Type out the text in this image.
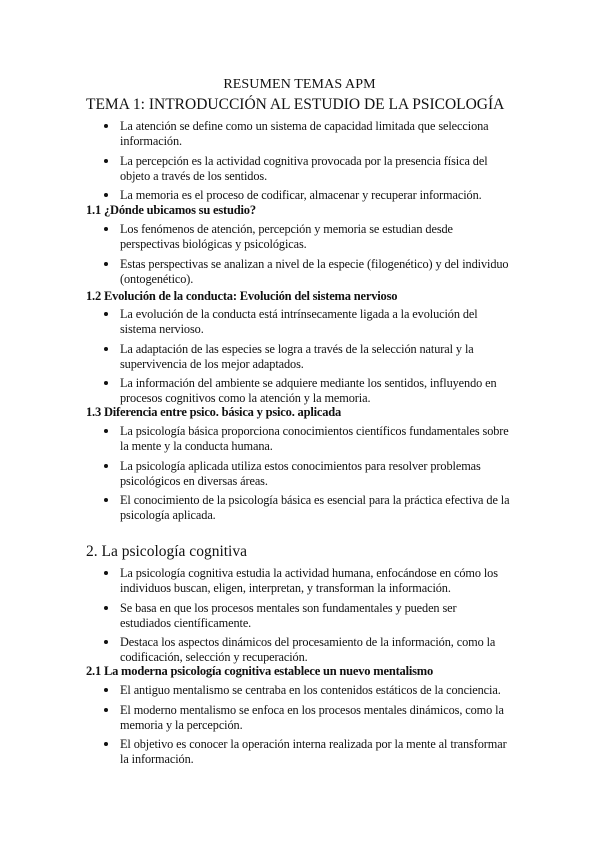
RESUMEN TEMAS APM
TEMA 1: INTRODUCCIÓN AL ESTUDIO DE LA PSICOLOGÍA
La atención se define como un sistema de capacidad limitada que selecciona información.
La percepción es la actividad cognitiva provocada por la presencia física del objeto a través de los sentidos.
La memoria es el proceso de codificar, almacenar y recuperar información.
1.1 ¿Dónde ubicamos su estudio?
Los fenómenos de atención, percepción y memoria se estudian desde perspectivas biológicas y psicológicas.
Estas perspectivas se analizan a nivel de la especie (filogenético) y del individuo (ontogenético).
1.2 Evolución de la conducta: Evolución del sistema nervioso
La evolución de la conducta está intrínsecamente ligada a la evolución del sistema nervioso.
La adaptación de las especies se logra a través de la selección natural y la supervivencia de los mejor adaptados.
La información del ambiente se adquiere mediante los sentidos, influyendo en procesos cognitivos como la atención y la memoria.
1.3 Diferencia entre psico. básica y psico. aplicada
La psicología básica proporciona conocimientos científicos fundamentales sobre la mente y la conducta humana.
La psicología aplicada utiliza estos conocimientos para resolver problemas psicológicos en diversas áreas.
El conocimiento de la psicología básica es esencial para la práctica efectiva de la psicología aplicada.
2. La psicología cognitiva
La psicología cognitiva estudia la actividad humana, enfocándose en cómo los individuos buscan, eligen, interpretan, y transforman la información.
Se basa en que los procesos mentales son fundamentales y pueden ser estudiados científicamente.
Destaca los aspectos dinámicos del procesamiento de la información, como la codificación, selección y recuperación.
2.1 La moderna psicología cognitiva establece un nuevo mentalismo
El antiguo mentalismo se centraba en los contenidos estáticos de la conciencia.
El moderno mentalismo se enfoca en los procesos mentales dinámicos, como la memoria y la percepción.
El objetivo es conocer la operación interna realizada por la mente al transformar la información.
